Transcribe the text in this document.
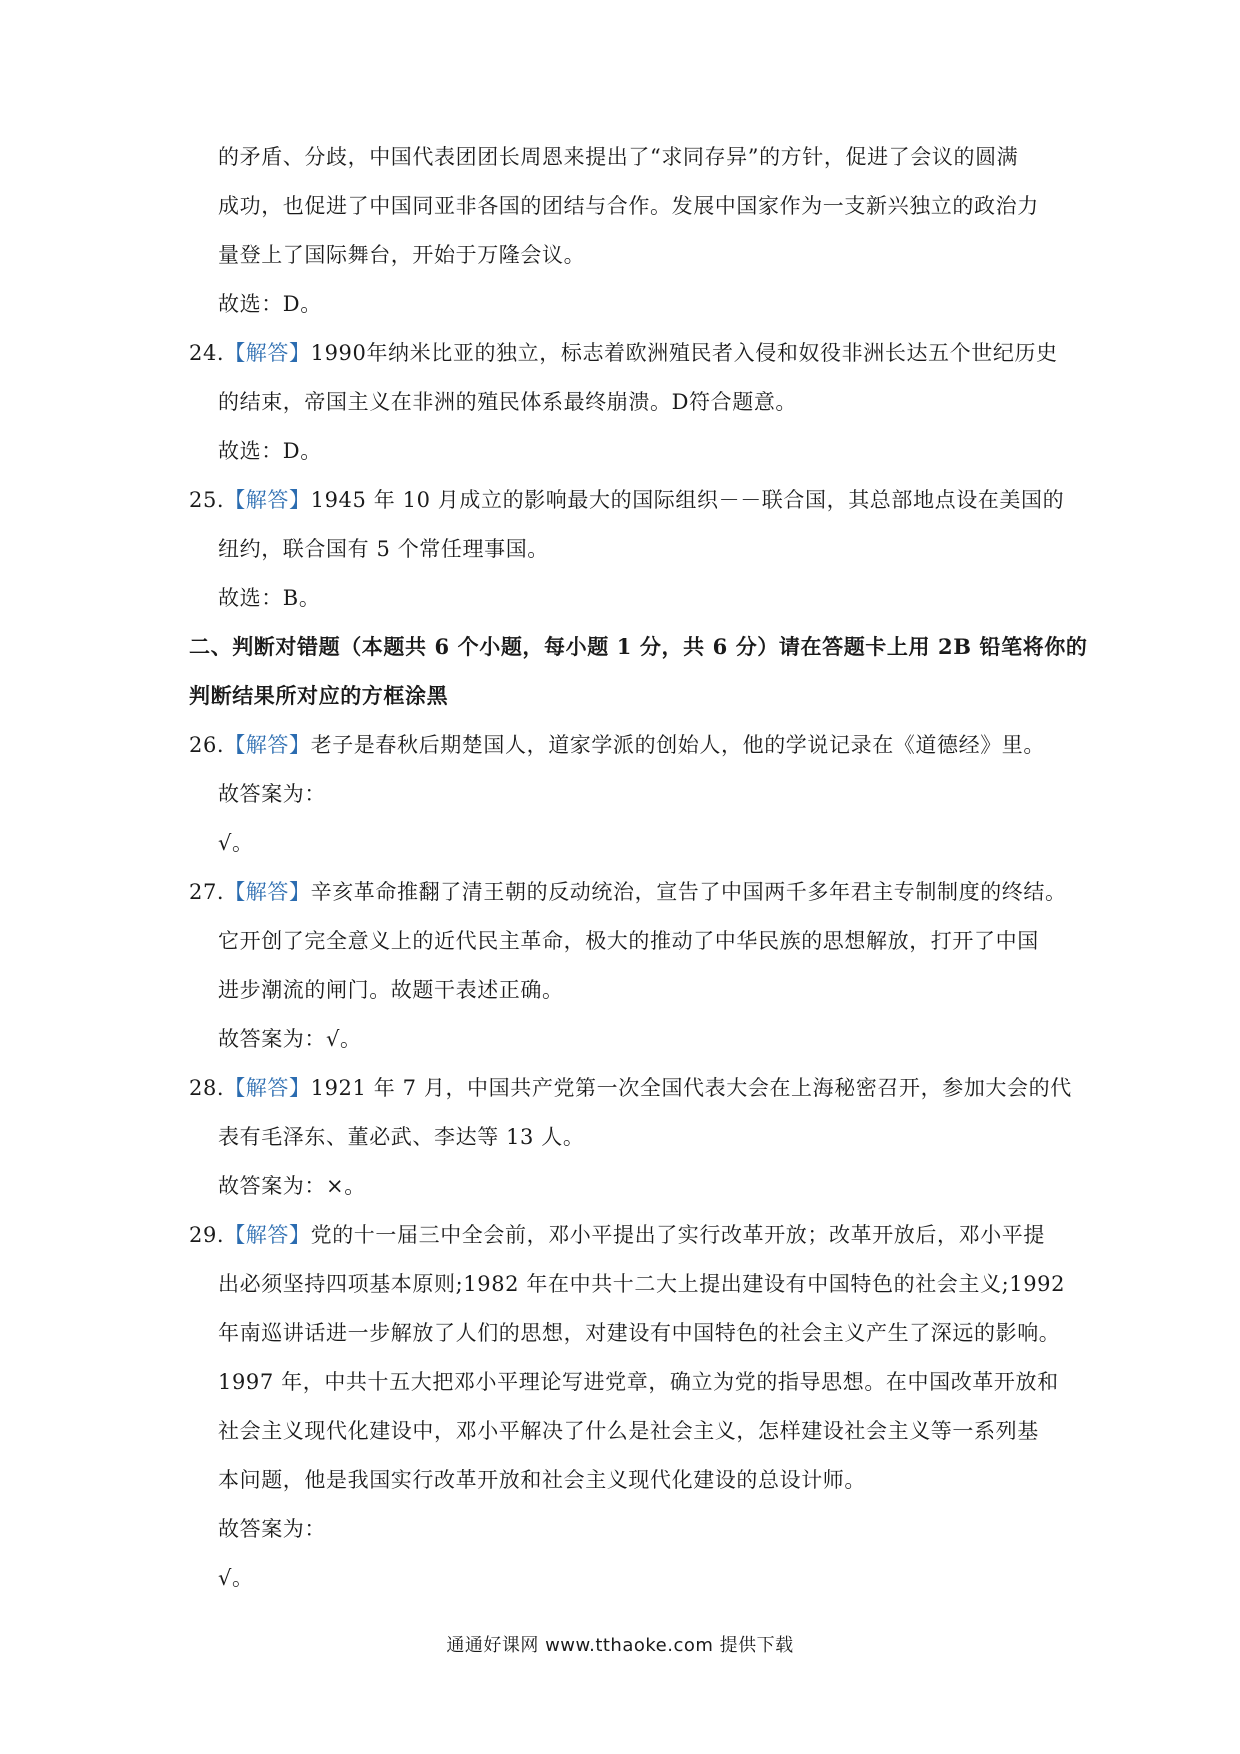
的矛盾、分歧，中国代表团团长周恩来提出了“求同存异”的方针，促进了会议的圆满
成功，也促进了中国同亚非各国的团结与合作。发展中国家作为一支新兴独立的政治力
量登上了国际舞台，开始于万隆会议。
故选：D。
24.【解答】1990年纳米比亚的独立，标志着欧洲殖民者入侵和奴役非洲长达五个世纪历史
的结束，帝国主义在非洲的殖民体系最终崩溃。D符合题意。
故选：D。
25.【解答】1945 年 10 月成立的影响最大的国际组织－－联合国，其总部地点设在美国的
纽约，联合国有 5 个常任理事国。
故选：B。
二、判断对错题（本题共 6 个小题，每小题 1 分，共 6 分）请在答题卡上用 2B 铅笔将你的
判断结果所对应的方框涂黑
26.【解答】老子是春秋后期楚国人，道家学派的创始人，他的学说记录在《道德经》里。
故答案为：
√。
27.【解答】辛亥革命推翻了清王朝的反动统治，宣告了中国两千多年君主专制制度的终结。
它开创了完全意义上的近代民主革命，极大的推动了中华民族的思想解放，打开了中国
进步潮流的闸门。故题干表述正确。
故答案为：√。
28.【解答】1921 年 7 月，中国共产党第一次全国代表大会在上海秘密召开，参加大会的代
表有毛泽东、董必武、李达等 13 人。
故答案为：×。
29.【解答】党的十一届三中全会前，邓小平提出了实行改革开放；改革开放后，邓小平提
出必须坚持四项基本原则;1982 年在中共十二大上提出建设有中国特色的社会主义;1992
年南巡讲话进一步解放了人们的思想，对建设有中国特色的社会主义产生了深远的影响。
1997 年，中共十五大把邓小平理论写进党章，确立为党的指导思想。在中国改革开放和
社会主义现代化建设中，邓小平解决了什么是社会主义，怎样建设社会主义等一系列基
本问题，他是我国实行改革开放和社会主义现代化建设的总设计师。
故答案为：
√。
通通好课网 www.tthaoke.com 提供下载
